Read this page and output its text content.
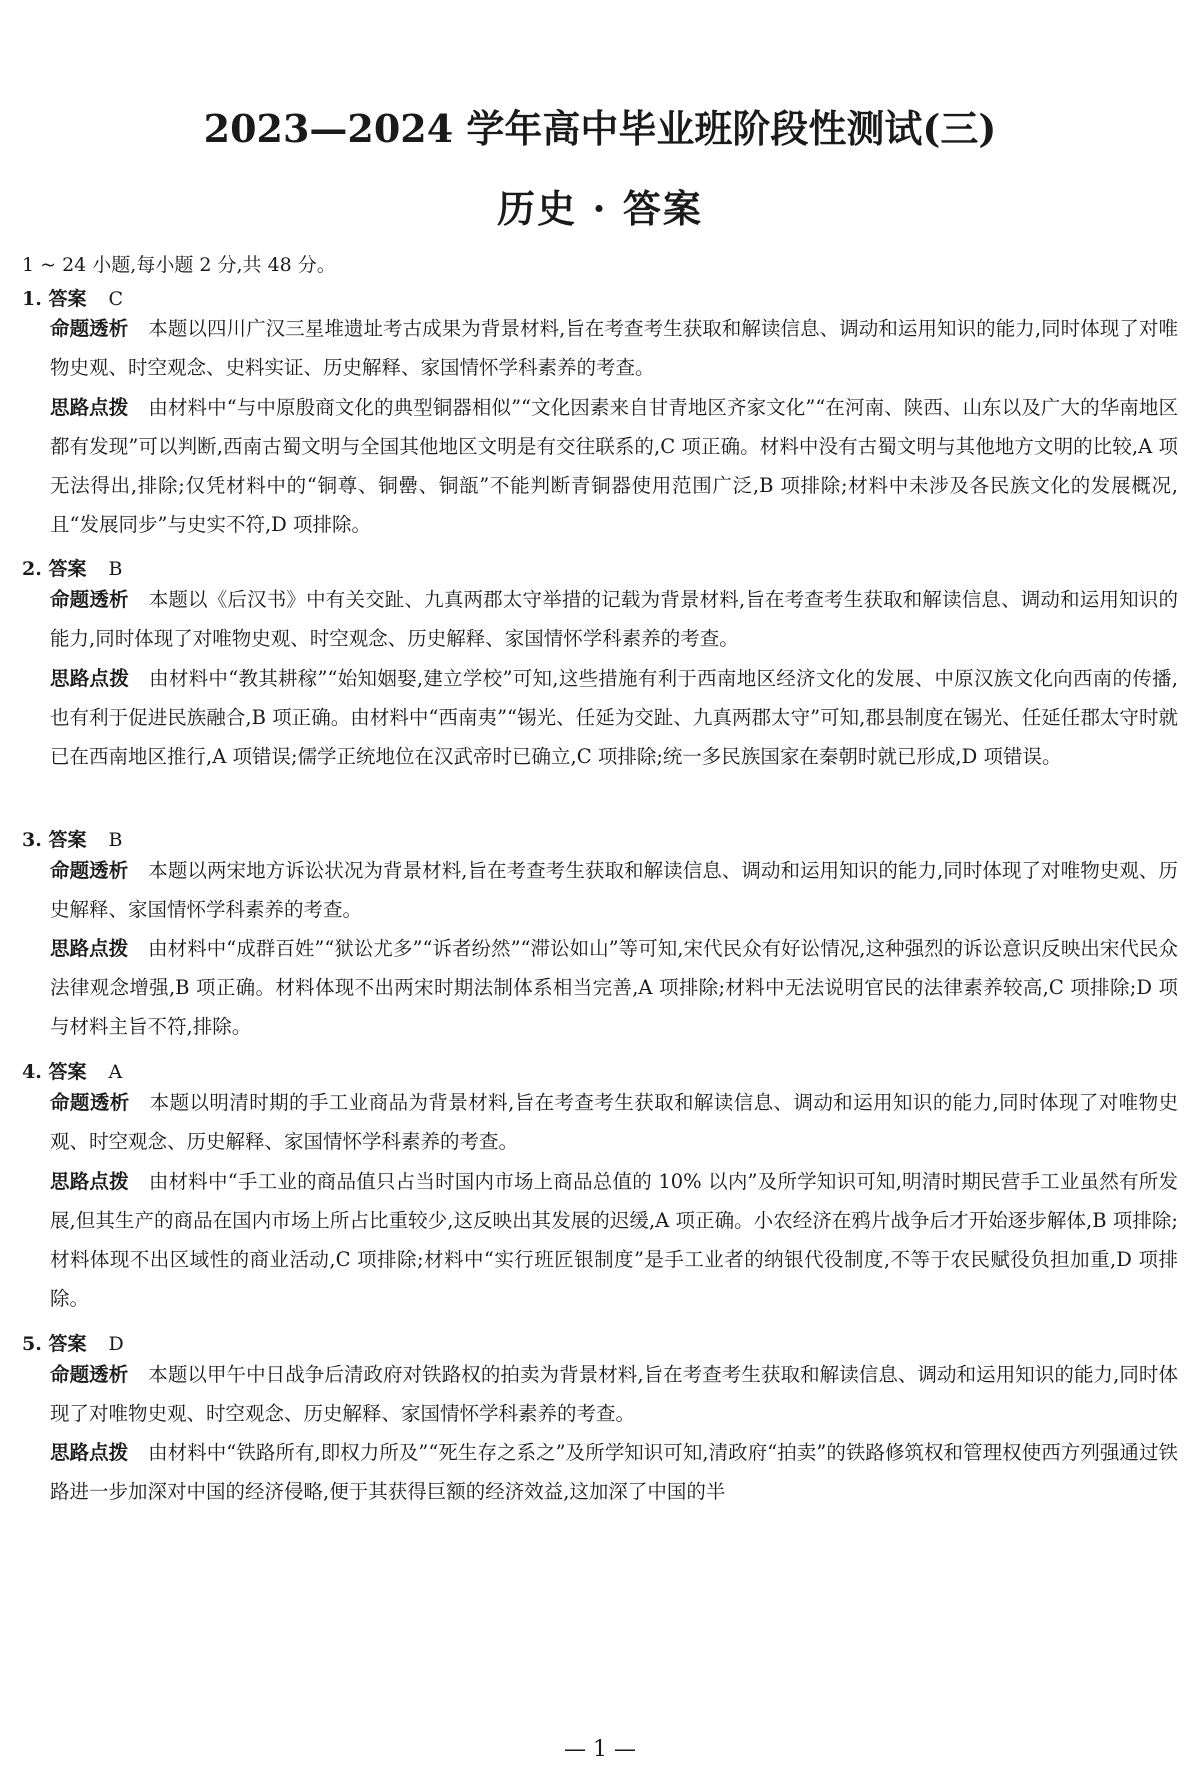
2023—2024 学年高中毕业班阶段性测试(三)
历史 · 答案
1 ~ 24 小题,每小题 2 分,共 48 分。
1. 答案 C
命题透析 本题以四川广汉三星堆遗址考古成果为背景材料,旨在考查考生获取和解读信息、调动和运用知识的能力,同时体现了对唯物史观、时空观念、史料实证、历史解释、家国情怀学科素养的考查。
思路点拨 由材料中“与中原殷商文化的典型铜器相似”“文化因素来自甘青地区齐家文化”“在河南、陕西、山东以及广大的华南地区都有发现”可以判断,西南古蜀文明与全国其他地区文明是有交往联系的,C 项正确。材料中没有古蜀文明与其他地方文明的比较,A 项无法得出,排除;仅凭材料中的“铜尊、铜罍、铜瓿”不能判断青铜器使用范围广泛,B 项排除;材料中未涉及各民族文化的发展概况,且“发展同步”与史实不符,D 项排除。
2. 答案 B
命题透析 本题以《后汉书》中有关交趾、九真两郡太守举措的记载为背景材料,旨在考查考生获取和解读信息、调动和运用知识的能力,同时体现了对唯物史观、时空观念、历史解释、家国情怀学科素养的考查。
思路点拨 由材料中“教其耕稼”“始知姻娶,建立学校”可知,这些措施有利于西南地区经济文化的发展、中原汉族文化向西南的传播,也有利于促进民族融合,B 项正确。由材料中“西南夷”“锡光、任延为交趾、九真两郡太守”可知,郡县制度在锡光、任延任郡太守时就已在西南地区推行,A 项错误;儒学正统地位在汉武帝时已确立,C 项排除;统一多民族国家在秦朝时就已形成,D 项错误。
3. 答案 B
命题透析 本题以两宋地方诉讼状况为背景材料,旨在考查考生获取和解读信息、调动和运用知识的能力,同时体现了对唯物史观、历史解释、家国情怀学科素养的考查。
思路点拨 由材料中“成群百姓”“狱讼尤多”“诉者纷然”“滞讼如山”等可知,宋代民众有好讼情况,这种强烈的诉讼意识反映出宋代民众法律观念增强,B 项正确。材料体现不出两宋时期法制体系相当完善,A 项排除;材料中无法说明官民的法律素养较高,C 项排除;D 项与材料主旨不符,排除。
4. 答案 A
命题透析 本题以明清时期的手工业商品为背景材料,旨在考查考生获取和解读信息、调动和运用知识的能力,同时体现了对唯物史观、时空观念、历史解释、家国情怀学科素养的考查。
思路点拨 由材料中“手工业的商品值只占当时国内市场上商品总值的 10% 以内”及所学知识可知,明清时期民营手工业虽然有所发展,但其生产的商品在国内市场上所占比重较少,这反映出其发展的迟缓,A 项正确。小农经济在鸦片战争后才开始逐步解体,B 项排除;材料体现不出区域性的商业活动,C 项排除;材料中“实行班匠银制度”是手工业者的纳银代役制度,不等于农民赋役负担加重,D 项排除。
5. 答案 D
命题透析 本题以甲午中日战争后清政府对铁路权的拍卖为背景材料,旨在考查考生获取和解读信息、调动和运用知识的能力,同时体现了对唯物史观、时空观念、历史解释、家国情怀学科素养的考查。
思路点拨 由材料中“铁路所有,即权力所及”“死生存之系之”及所学知识可知,清政府“拍卖”的铁路修筑权和管理权使西方列强通过铁路进一步加深对中国的经济侵略,便于其获得巨额的经济效益,这加深了中国的半
— 1 —
